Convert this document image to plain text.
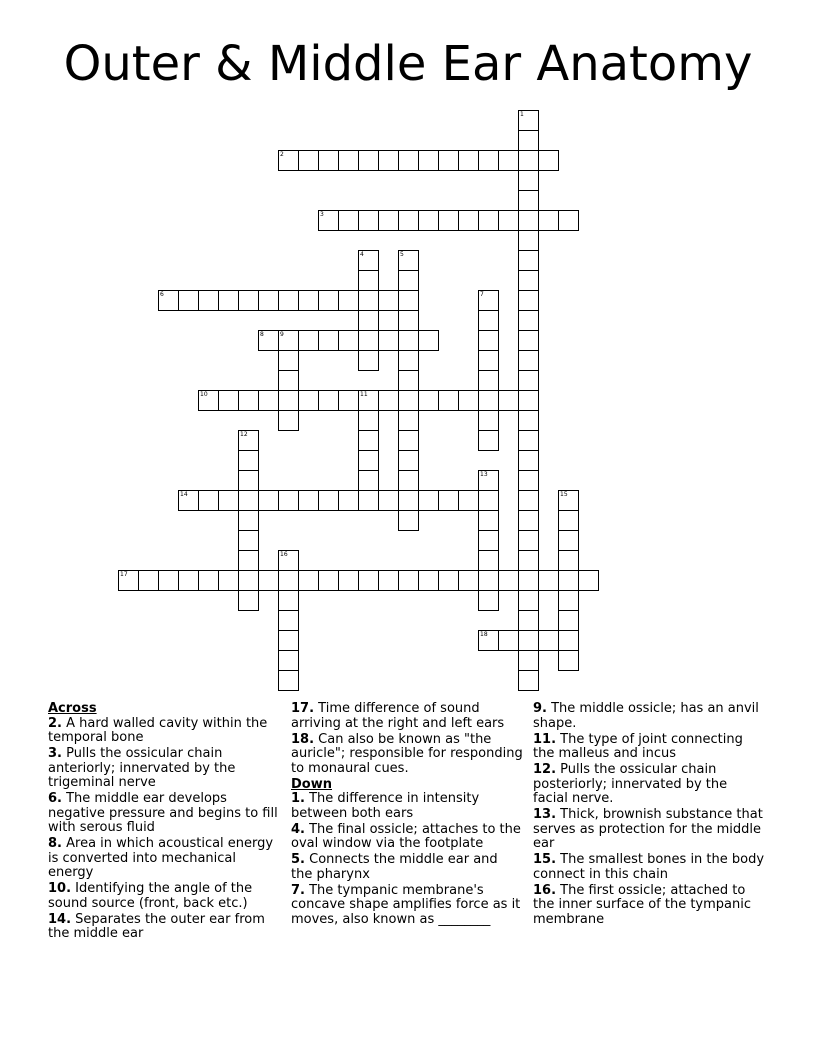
Outer & Middle Ear Anatomy
1
2
3
4	5
6	7
8	9
10	11
12
13
14	15
16
17
18
Across
2. A hard walled cavity within the temporal bone
3. Pulls the ossicular chain anteriorly; innervated by the trigeminal nerve
6. The middle ear develops negative pressure and begins to fill with serous fluid
8. Area in which acoustical energy is converted into mechanical energy
10. Identifying the angle of the sound source (front, back etc.)
14. Separates the outer ear from the middle ear
17. Time difference of sound arriving at the right and left ears
18. Can also be known as "the auricle"; responsible for responding to monaural cues.
Down
1. The difference in intensity between both ears
4. The final ossicle; attaches to the oval window via the footplate
5. Connects the middle ear and the pharynx
7. The tympanic membrane's concave shape amplifies force as it moves, also known as ________
9. The middle ossicle; has an anvil shape.
11. The type of joint connecting the malleus and incus
12. Pulls the ossicular chain posteriorly; innervated by the facial nerve.
13. Thick, brownish substance that serves as protection for the middle ear
15. The smallest bones in the body connect in this chain
16. The first ossicle; attached to the inner surface of the tympanic membrane
